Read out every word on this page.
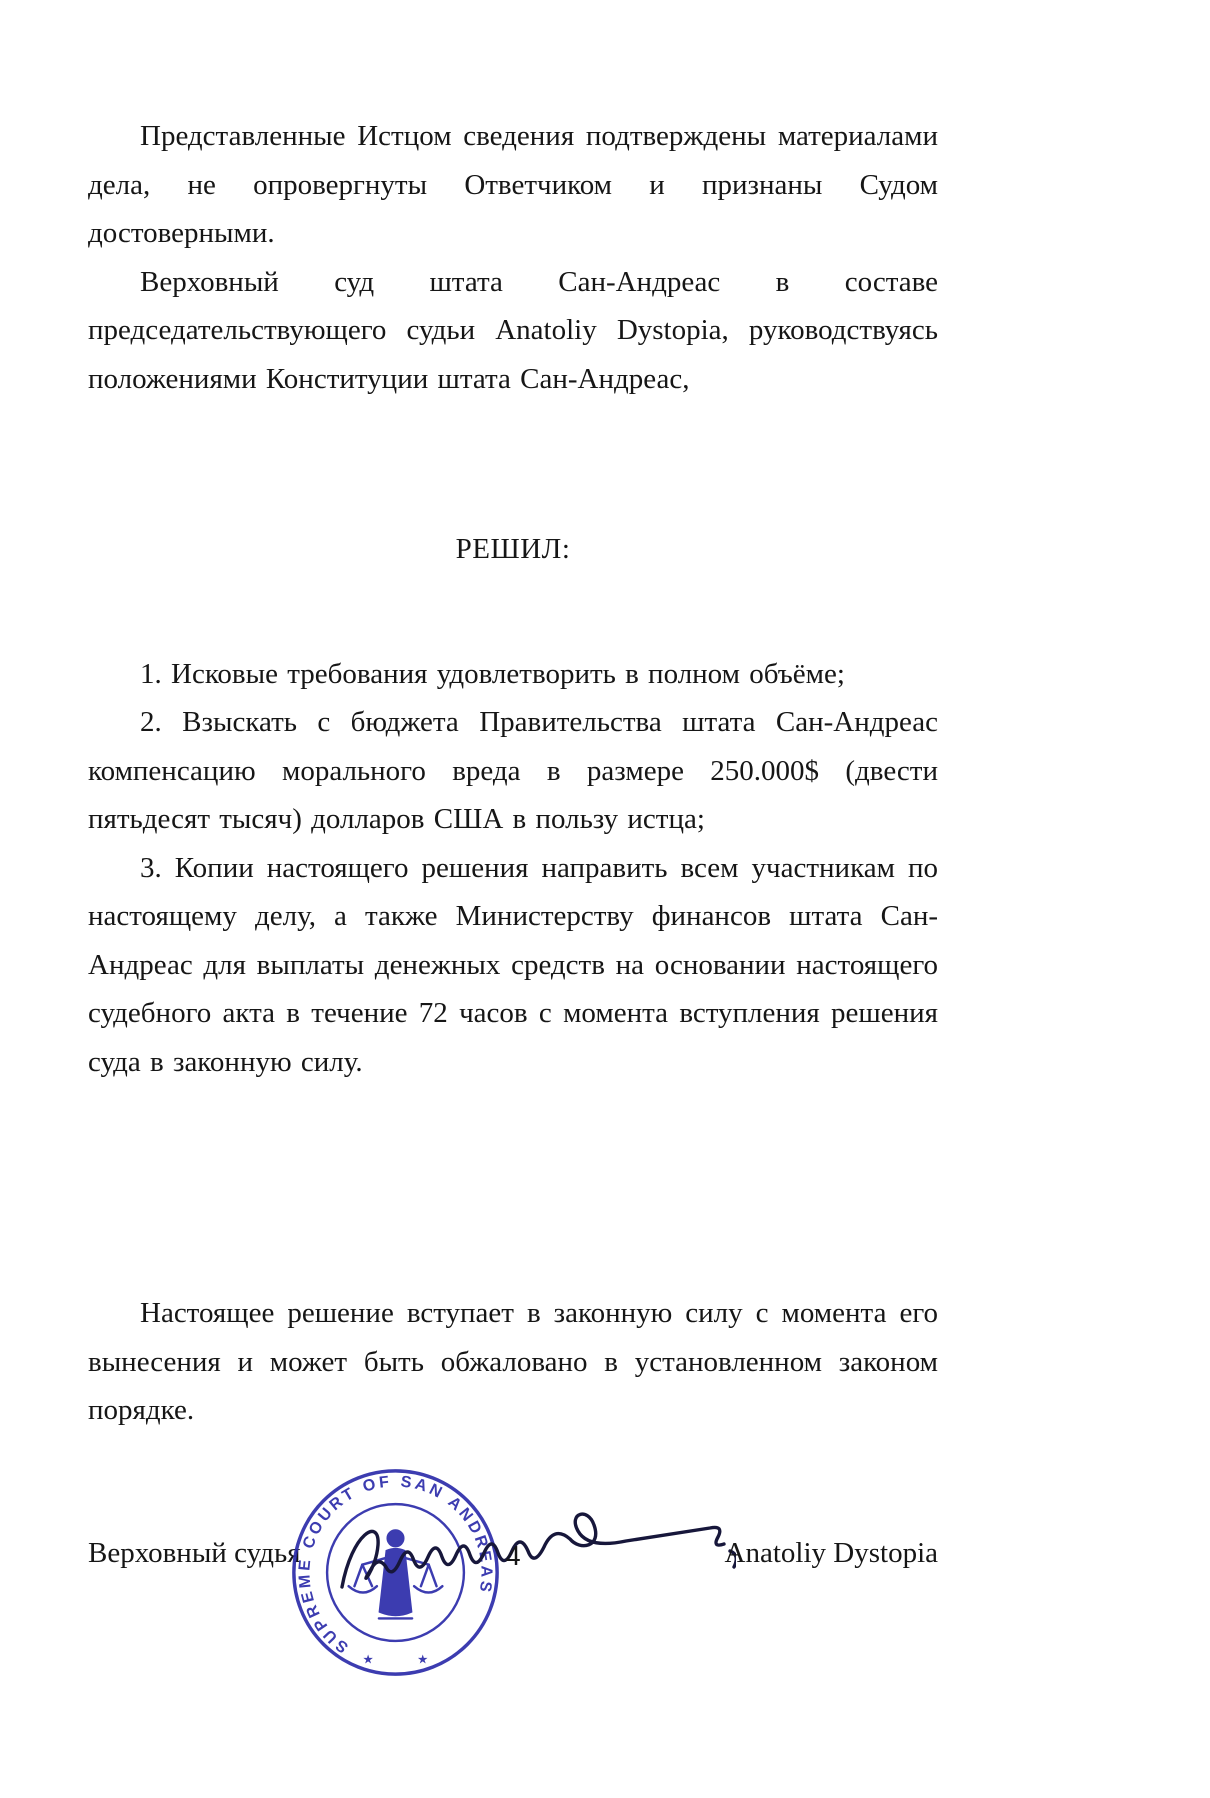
Представленные Истцом сведения подтверждены материалами дела, не опровергнуты Ответчиком и признаны Судом достоверными.

Верховный суд штата Сан-Андреас в составе председательствующего судьи Anatoliy Dystopia, руководствуясь положениями Конституции штата Сан-Андреас,

РЕШИЛ:

1. Исковые требования удовлетворить в полном объёме;

2. Взыскать с бюджета Правительства штата Сан-Андреас компенсацию морального вреда в размере 250.000$ (двести пятьдесят тысяч) долларов США в пользу истца;

3. Копии настоящего решения направить всем участникам по настоящему делу, а также Министерству финансов штата Сан-Андреас для выплаты денежных средств на основании настоящего судебного акта в течение 72 часов с момента вступления решения суда в законную силу.

Настоящее решение вступает в законную силу с момента его вынесения и может быть обжаловано в установленном законом порядке.

Верховный судья
SUPREME COURT OF SAN ANDREAS
★	★
Anatoliy Dystopia
4
